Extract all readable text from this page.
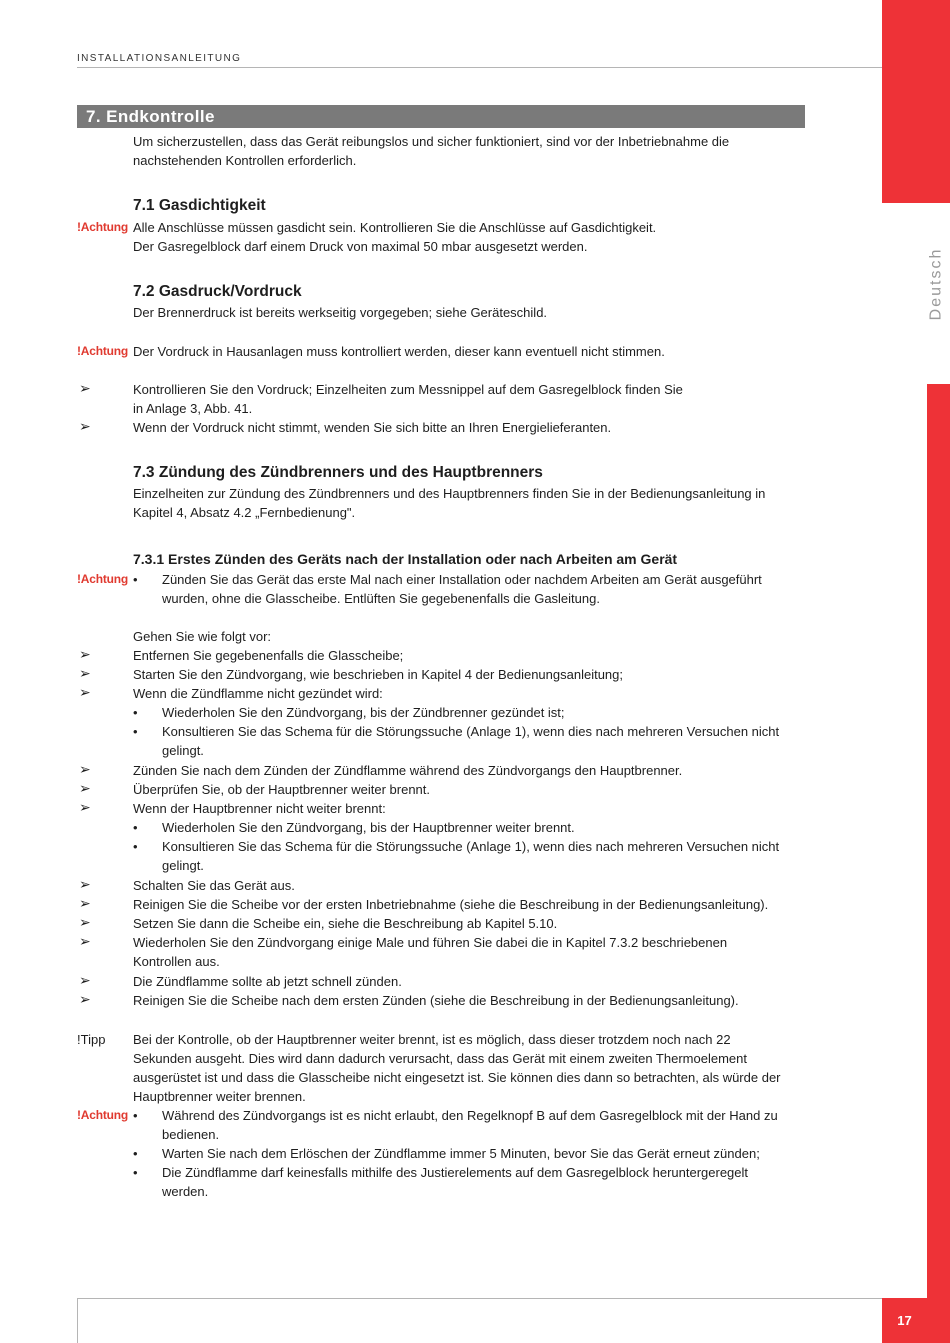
Deutsch
INSTALLATIONSANLEITUNG
17
7. Endkontrolle
Um sicherzustellen, dass das Gerät reibungslos und sicher funktioniert, sind vor der Inbetriebnahme die
nachstehenden Kontrollen erforderlich.
7.1 Gasdichtigkeit
!Achtung Alle Anschlüsse müssen gasdicht sein. Kontrollieren Sie die Anschlüsse auf Gasdichtigkeit.
Der Gasregelblock darf einem Druck von maximal 50 mbar ausgesetzt werden.
7.2 Gasdruck/Vordruck
Der Brennerdruck ist bereits werkseitig vorgegeben; siehe Geräteschild.
!Achtung Der Vordruck in Hausanlagen muss kontrolliert werden, dieser kann eventuell nicht stimmen.
➢	Kontrollieren Sie den Vordruck; Einzelheiten zum Messnippel auf dem Gasregelblock finden Sie
in Anlage 3, Abb. 41.
➢	Wenn der Vordruck nicht stimmt, wenden Sie sich bitte an Ihren Energielieferanten.
7.3 Zündung des Zündbrenners und des Hauptbrenners
Einzelheiten zur Zündung des Zündbrenners und des Hauptbrenners finden Sie in der Bedienungsanleitung in
Kapitel 4, Absatz 4.2 „Fernbedienung".
7.3.1 Erstes Zünden des Geräts nach der Installation oder nach Arbeiten am Gerät
!Achtung • Zünden Sie das Gerät das erste Mal nach einer Installation oder nachdem Arbeiten am Gerät ausgeführt
wurden, ohne die Glasscheibe. Entlüften Sie gegebenenfalls die Gasleitung.
Gehen Sie wie folgt vor:
➢	Entfernen Sie gegebenenfalls die Glasscheibe;
➢	Starten Sie den Zündvorgang, wie beschrieben in Kapitel 4 der Bedienungsanleitung;
➢	Wenn die Zündflamme nicht gezündet wird:
• Wiederholen Sie den Zündvorgang, bis der Zündbrenner gezündet ist;
• Konsultieren Sie das Schema für die Störungssuche (Anlage 1), wenn dies nach mehreren Versuchen nicht
gelingt.
➢	Zünden Sie nach dem Zünden der Zündflamme während des Zündvorgangs den Hauptbrenner.
➢	Überprüfen Sie, ob der Hauptbrenner weiter brennt.
➢	Wenn der Hauptbrenner nicht weiter brennt:
• Wiederholen Sie den Zündvorgang, bis der Hauptbrenner weiter brennt.
• Konsultieren Sie das Schema für die Störungssuche (Anlage 1), wenn dies nach mehreren Versuchen nicht
gelingt.
➢	Schalten Sie das Gerät aus.
➢	Reinigen Sie die Scheibe vor der ersten Inbetriebnahme (siehe die Beschreibung in der Bedienungsanleitung).
➢	Setzen Sie dann die Scheibe ein, siehe die Beschreibung ab Kapitel 5.10.
➢	Wiederholen Sie den Zündvorgang einige Male und führen Sie dabei die in Kapitel 7.3.2 beschriebenen
Kontrollen aus.
➢	Die Zündflamme sollte ab jetzt schnell zünden.
➢	Reinigen Sie die Scheibe nach dem ersten Zünden (siehe die Beschreibung in der Bedienungsanleitung).
!Tipp Bei der Kontrolle, ob der Hauptbrenner weiter brennt, ist es möglich, dass dieser trotzdem noch nach 22
Sekunden ausgeht. Dies wird dann dadurch verursacht, dass das Gerät mit einem zweiten Thermoelement
ausgerüstet ist und dass die Glasscheibe nicht eingesetzt ist. Sie können dies dann so betrachten, als würde der
Hauptbrenner weiter brennen.
!Achtung • Während des Zündvorgangs ist es nicht erlaubt, den Regelknopf B auf dem Gasregelblock mit der Hand zu
bedienen.
• Warten Sie nach dem Erlöschen der Zündflamme immer 5 Minuten, bevor Sie das Gerät erneut zünden;
• Die Zündflamme darf keinesfalls mithilfe des Justierelements auf dem Gasregelblock heruntergeregelt
werden.
